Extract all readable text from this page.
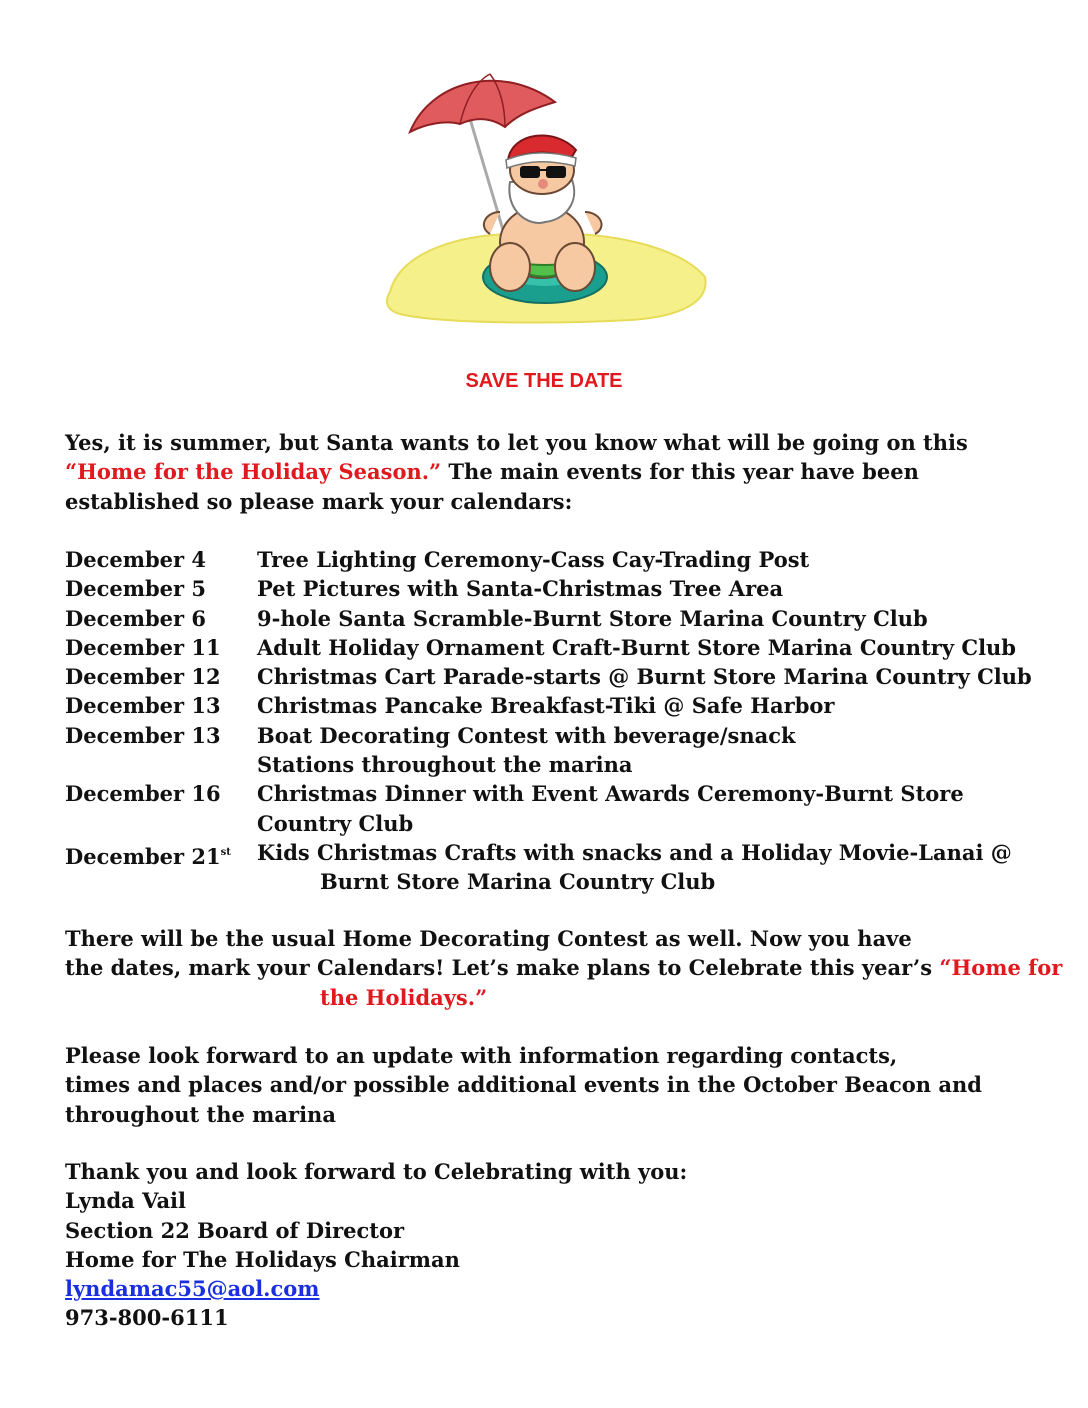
SAVE THE DATE
Yes, it is summer, but Santa wants to let you know what will be going on this “Home for the Holiday Season.” The main events for this year have been established so please mark your calendars:
December 4	Tree Lighting Ceremony-Cass Cay-Trading Post
December 5	Pet Pictures with Santa-Christmas Tree Area
December 6	9-hole Santa Scramble-Burnt Store Marina Country Club
December 11	Adult Holiday Ornament Craft-Burnt Store Marina Country Club
December 12	Christmas Cart Parade-starts @ Burnt Store Marina Country Club
December 13	Christmas Pancake Breakfast-Tiki @ Safe Harbor
December 13	Boat Decorating Contest with beverage/snack
Stations throughout the marina
December 16	Christmas Dinner with Event Awards Ceremony-Burnt Store
Country Club
December 21st	Kids Christmas Crafts with snacks and a Holiday Movie-Lanai @
Burnt Store Marina Country Club
There will be the usual Home Decorating Contest as well. Now you have
the dates, mark your Calendars! Let’s make plans to Celebrate this year’s “Home for
the Holidays.”
Please look forward to an update with information regarding contacts,
times and places and/or possible additional events in the October Beacon and
throughout the marina
Thank you and look forward to Celebrating with you:
Lynda Vail
Section 22 Board of Director
Home for The Holidays Chairman
lyndamac55@aol.com
973-800-6111
